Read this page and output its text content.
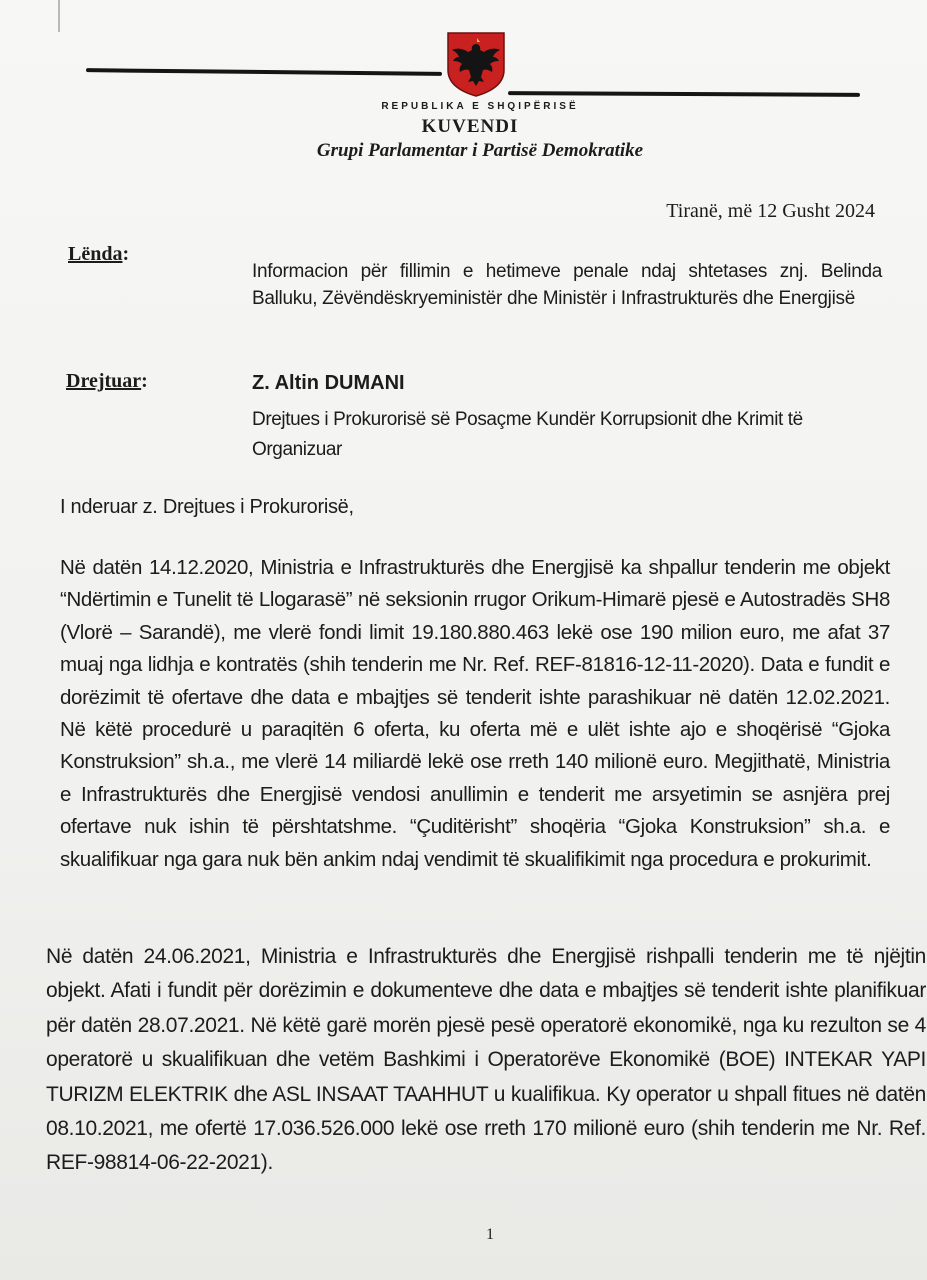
REPUBLIKA E SHQIPËRISË
KUVENDI
Grupi Parlamentar i Partisë Demokratike
Tiranë, më 12 Gusht 2024
Lënda:
Informacion për fillimin e hetimeve penale ndaj shtetases znj. Belinda Balluku, Zëvëndëskryeministër dhe Ministër i Infrastrukturës dhe Energjisë
Drejtuar:	Z. Altin DUMANI
Drejtues i Prokurorisë së Posaçme Kundër Korrupsionit dhe Krimit të Organizuar
I nderuar z. Drejtues i Prokurorisë,
Në datën 14.12.2020, Ministria e Infrastrukturës dhe Energjisë ka shpallur tenderin me objekt “Ndërtimin e Tunelit të Llogarasë” në seksionin rrugor Orikum-Himarë pjesë e Autostradës SH8 (Vlorë – Sarandë), me vlerë fondi limit 19.180.880.463 lekë ose 190 milion euro, me afat 37 muaj nga lidhja e kontratës (shih tenderin me Nr. Ref. REF-81816-12-11-2020). Data e fundit e dorëzimit të ofertave dhe data e mbajtjes së tenderit ishte parashikuar në datën 12.02.2021. Në këtë procedurë u paraqitën 6 oferta, ku oferta më e ulët ishte ajo e shoqërisë “Gjoka Konstruksion” sh.a., me vlerë 14 miliardë lekë ose rreth 140 milionë euro. Megjithatë, Ministria e Infrastrukturës dhe Energjisë vendosi anullimin e tenderit me arsyetimin se asnjëra prej ofertave nuk ishin të përshtatshme. “Çuditërisht” shoqëria “Gjoka Konstruksion” sh.a. e skualifikuar nga gara nuk bën ankim ndaj vendimit të skualifikimit nga procedura e prokurimit.
Në datën 24.06.2021, Ministria e Infrastrukturës dhe Energjisë rishpalli tenderin me të njëjtin objekt. Afati i fundit për dorëzimin e dokumenteve dhe data e mbajtjes së tenderit ishte planifikuar për datën 28.07.2021. Në këtë garë morën pjesë pesë operatorë ekonomikë, nga ku rezulton se 4 operatorë u skualifikuan dhe vetëm Bashkimi i Operatorëve Ekonomikë (BOE) INTEKAR YAPI TURIZM ELEKTRIK dhe ASL INSAAT TAAHHUT u kualifikua. Ky operator u shpall fitues në datën 08.10.2021, me ofertë 17.036.526.000 lekë ose rreth 170 milionë euro (shih tenderin me Nr. Ref. REF-98814-06-22-2021).
1
